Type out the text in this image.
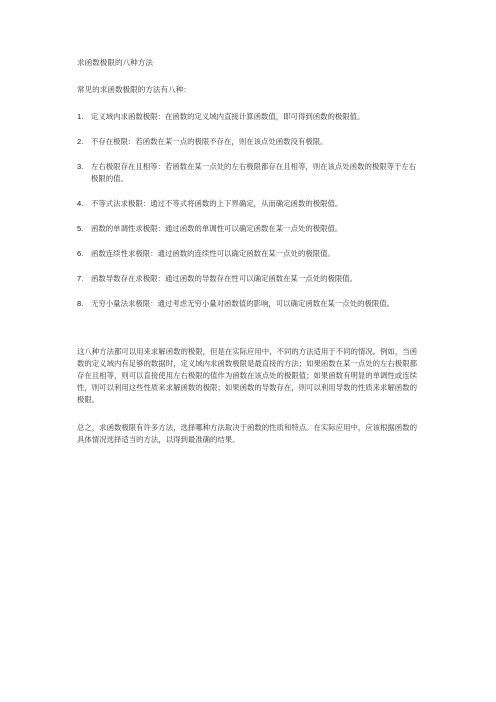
求函数极限的八种方法
常见的求函数极限的方法有八种：
1. 定义域内求函数极限：在函数的定义域内直接计算函数值，即可得到函数的极限值。
2. 不存在极限：若函数在某一点的极限不存在，则在该点处函数没有极限。
3. 左右极限存在且相等：若函数在某一点处的左右极限都存在且相等，则在该点处函数的极限等于左右极限的值。
4. 不等式法求极限：通过不等式将函数的上下界确定，从而确定函数的极限值。
5. 函数的单调性求极限：通过函数的单调性可以确定函数在某一点处的极限值。
6. 函数连续性求极限：通过函数的连续性可以确定函数在某一点处的极限值。
7. 函数导数存在求极限：通过函数的导数存在性可以确定函数在某一点处的极限值。
8. 无穷小量法求极限：通过考虑无穷小量对函数值的影响，可以确定函数在某一点处的极限值。

这八种方法都可以用来求解函数的极限，但是在实际应用中，不同的方法适用于不同的情况。例如，当函数的定义域内有足够的数据时，定义域内求函数极限是最直接的方法；如果函数在某一点处的左右极限都存在且相等，则可以直接使用左右极限的值作为函数在该点处的极限值；如果函数有明显的单调性或连续性，则可以利用这些性质来求解函数的极限；如果函数的导数存在，则可以利用导数的性质来求解函数的极限。

总之，求函数极限有许多方法，选择哪种方法取决于函数的性质和特点。在实际应用中，应该根据函数的具体情况选择适当的方法，以得到最准确的结果。
